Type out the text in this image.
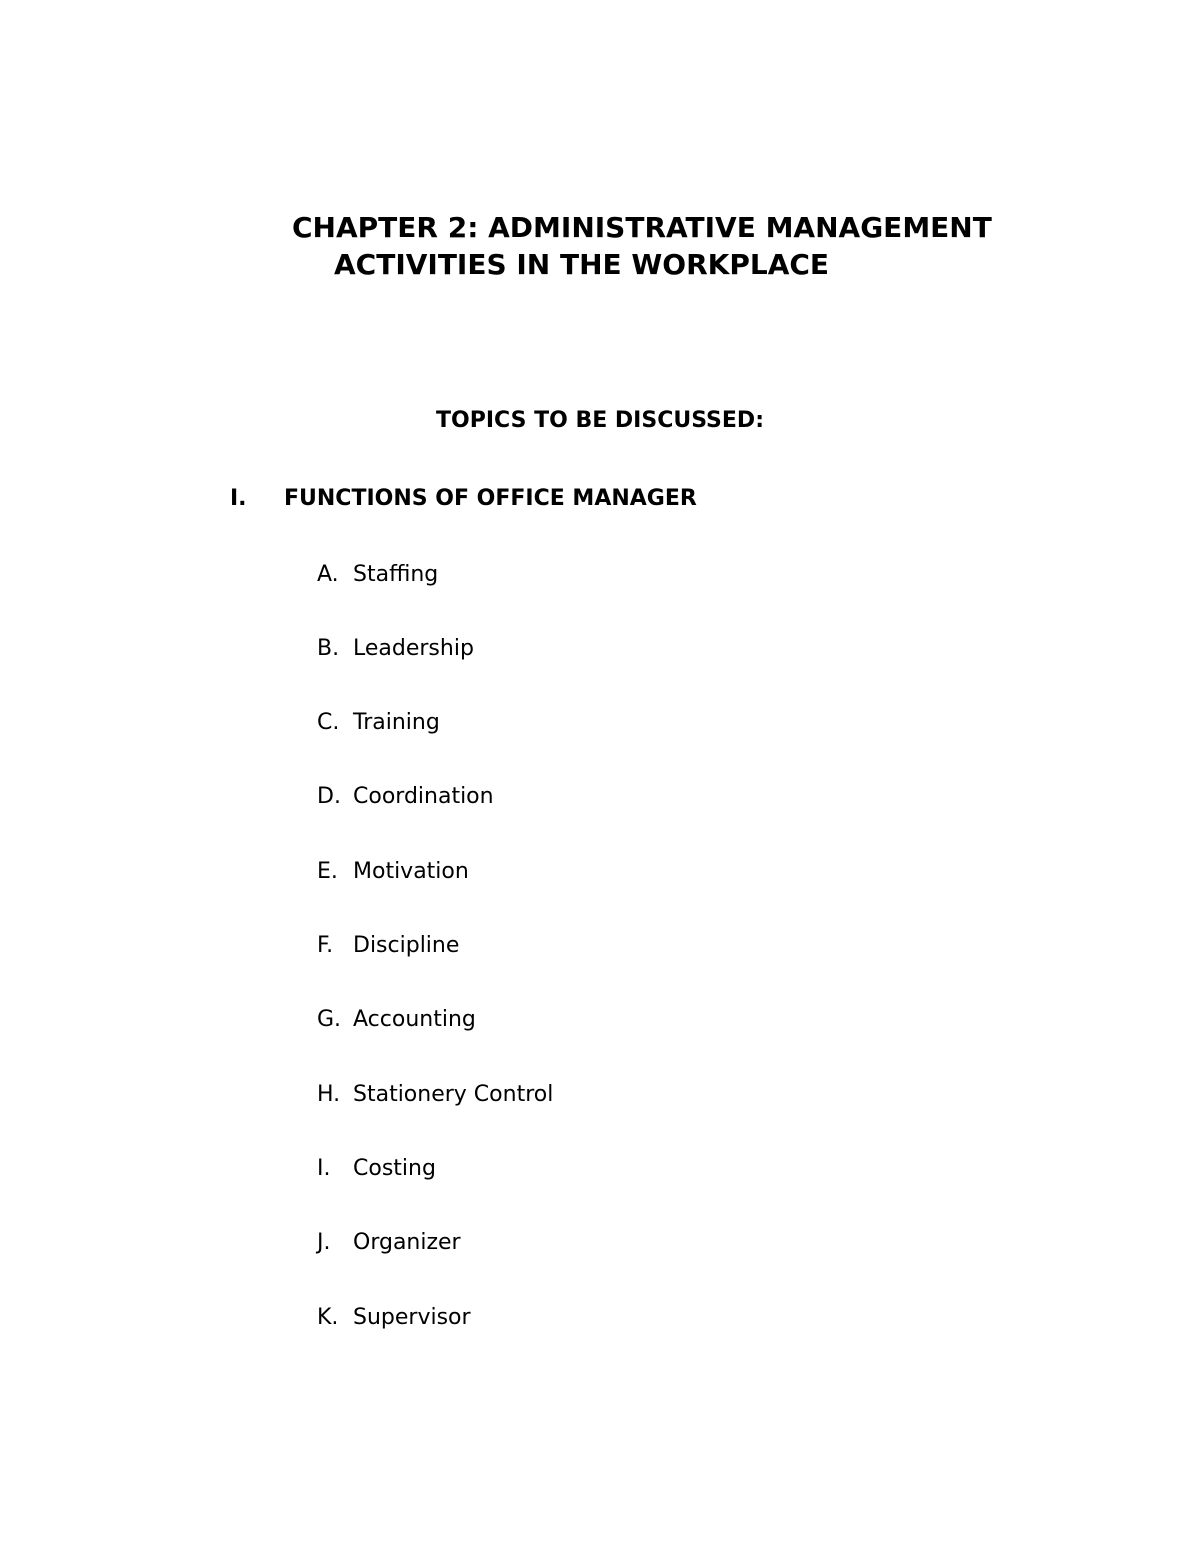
CHAPTER 2: ADMINISTRATIVE MANAGEMENT
ACTIVITIES IN THE WORKPLACE
TOPICS TO BE DISCUSSED:
I. FUNCTIONS OF OFFICE MANAGER
A. Staffing
B. Leadership
C. Training
D. Coordination
E. Motivation
F. Discipline
G. Accounting
H. Stationery Control
I. Costing
J. Organizer
K. Supervisor
